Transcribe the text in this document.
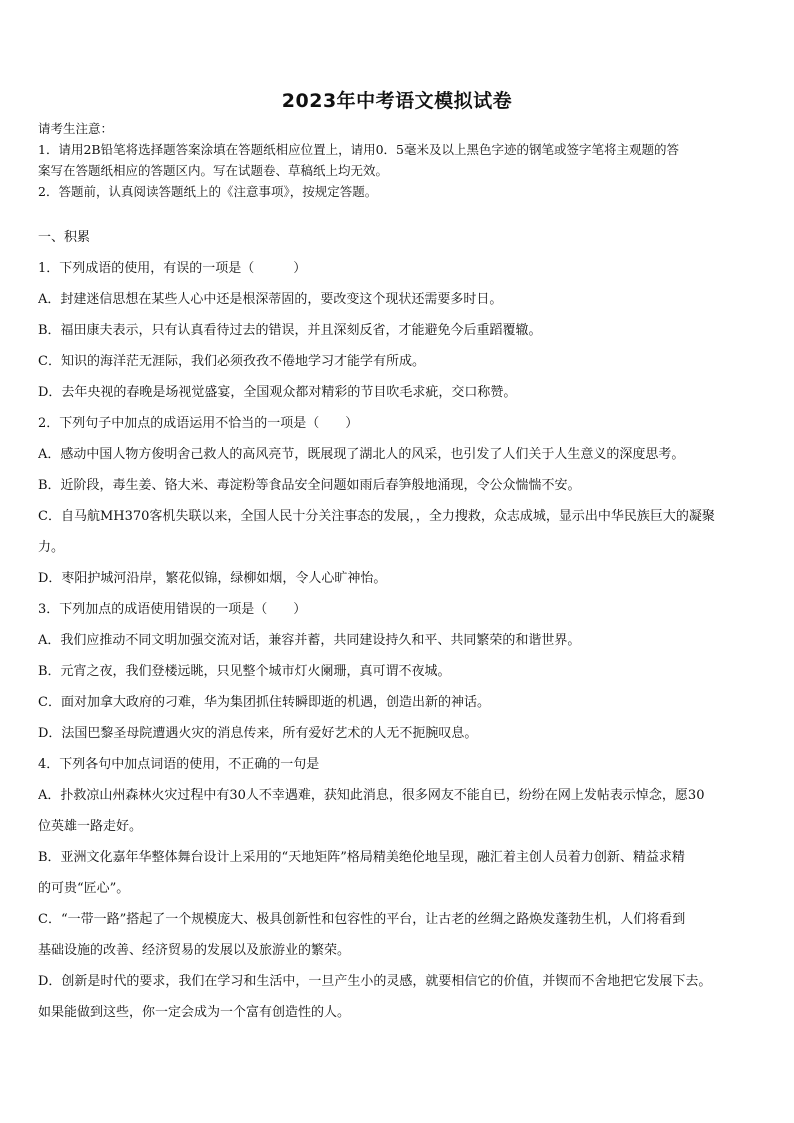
2023年中考语文模拟试卷
请考生注意：
1．请用2B铅笔将选择题答案涂填在答题纸相应位置上，请用0．5毫米及以上黑色字迹的钢笔或签字笔将主观题的答
案写在答题纸相应的答题区内。写在试题卷、草稿纸上均无效。
2．答题前，认真阅读答题纸上的《注意事项》，按规定答题。
一、积累
1．下列成语的使用，有误的一项是（　　　）
A．封建迷信思想在某些人心中还是根深蒂固的，要改变这个现状还需要多时日。
B．福田康夫表示，只有认真看待过去的错误，并且深刻反省，才能避免今后重蹈覆辙。
C．知识的海洋茫无涯际，我们必须孜孜不倦地学习才能学有所成。
D．去年央视的春晚是场视觉盛宴，全国观众都对精彩的节目吹毛求疵，交口称赞。
2．下列句子中加点的成语运用不恰当的一项是（　　）
A．感动中国人物方俊明舍己救人的高风亮节，既展现了湖北人的风采，也引发了人们关于人生意义的深度思考。
B．近阶段，毒生姜、铬大米、毒淀粉等食品安全问题如雨后春笋般地涌现，令公众惴惴不安。
C．自马航MH370客机失联以来，全国人民十分关注事态的发展，，全力搜救，众志成城，显示出中华民族巨大的凝聚
力。
D．枣阳护城河沿岸，繁花似锦，绿柳如烟，令人心旷神怡。
3．下列加点的成语使用错误的一项是（　　）
A．我们应推动不同文明加强交流对话，兼容并蓄，共同建设持久和平、共同繁荣的和谐世界。
B．元宵之夜，我们登楼远眺，只见整个城市灯火阑珊，真可谓不夜城。
C．面对加拿大政府的刁难，华为集团抓住转瞬即逝的机遇，创造出新的神话。
D．法国巴黎圣母院遭遇火灾的消息传来，所有爱好艺术的人无不扼腕叹息。
4．下列各句中加点词语的使用，不正确的一句是
A．扑救凉山州森林火灾过程中有30人不幸遇难，获知此消息，很多网友不能自已，纷纷在网上发帖表示悼念，愿30
位英雄一路走好。
B．亚洲文化嘉年华整体舞台设计上采用的“天地矩阵”格局精美绝伦地呈现，融汇着主创人员着力创新、精益求精
的可贵“匠心”。
C．“一带一路”搭起了一个规模庞大、极具创新性和包容性的平台，让古老的丝绸之路焕发蓬勃生机，人们将看到
基础设施的改善、经济贸易的发展以及旅游业的繁荣。
D．创新是时代的要求，我们在学习和生活中，一旦产生小的灵感，就要相信它的价值，并锲而不舍地把它发展下去。
如果能做到这些，你一定会成为一个富有创造性的人。
